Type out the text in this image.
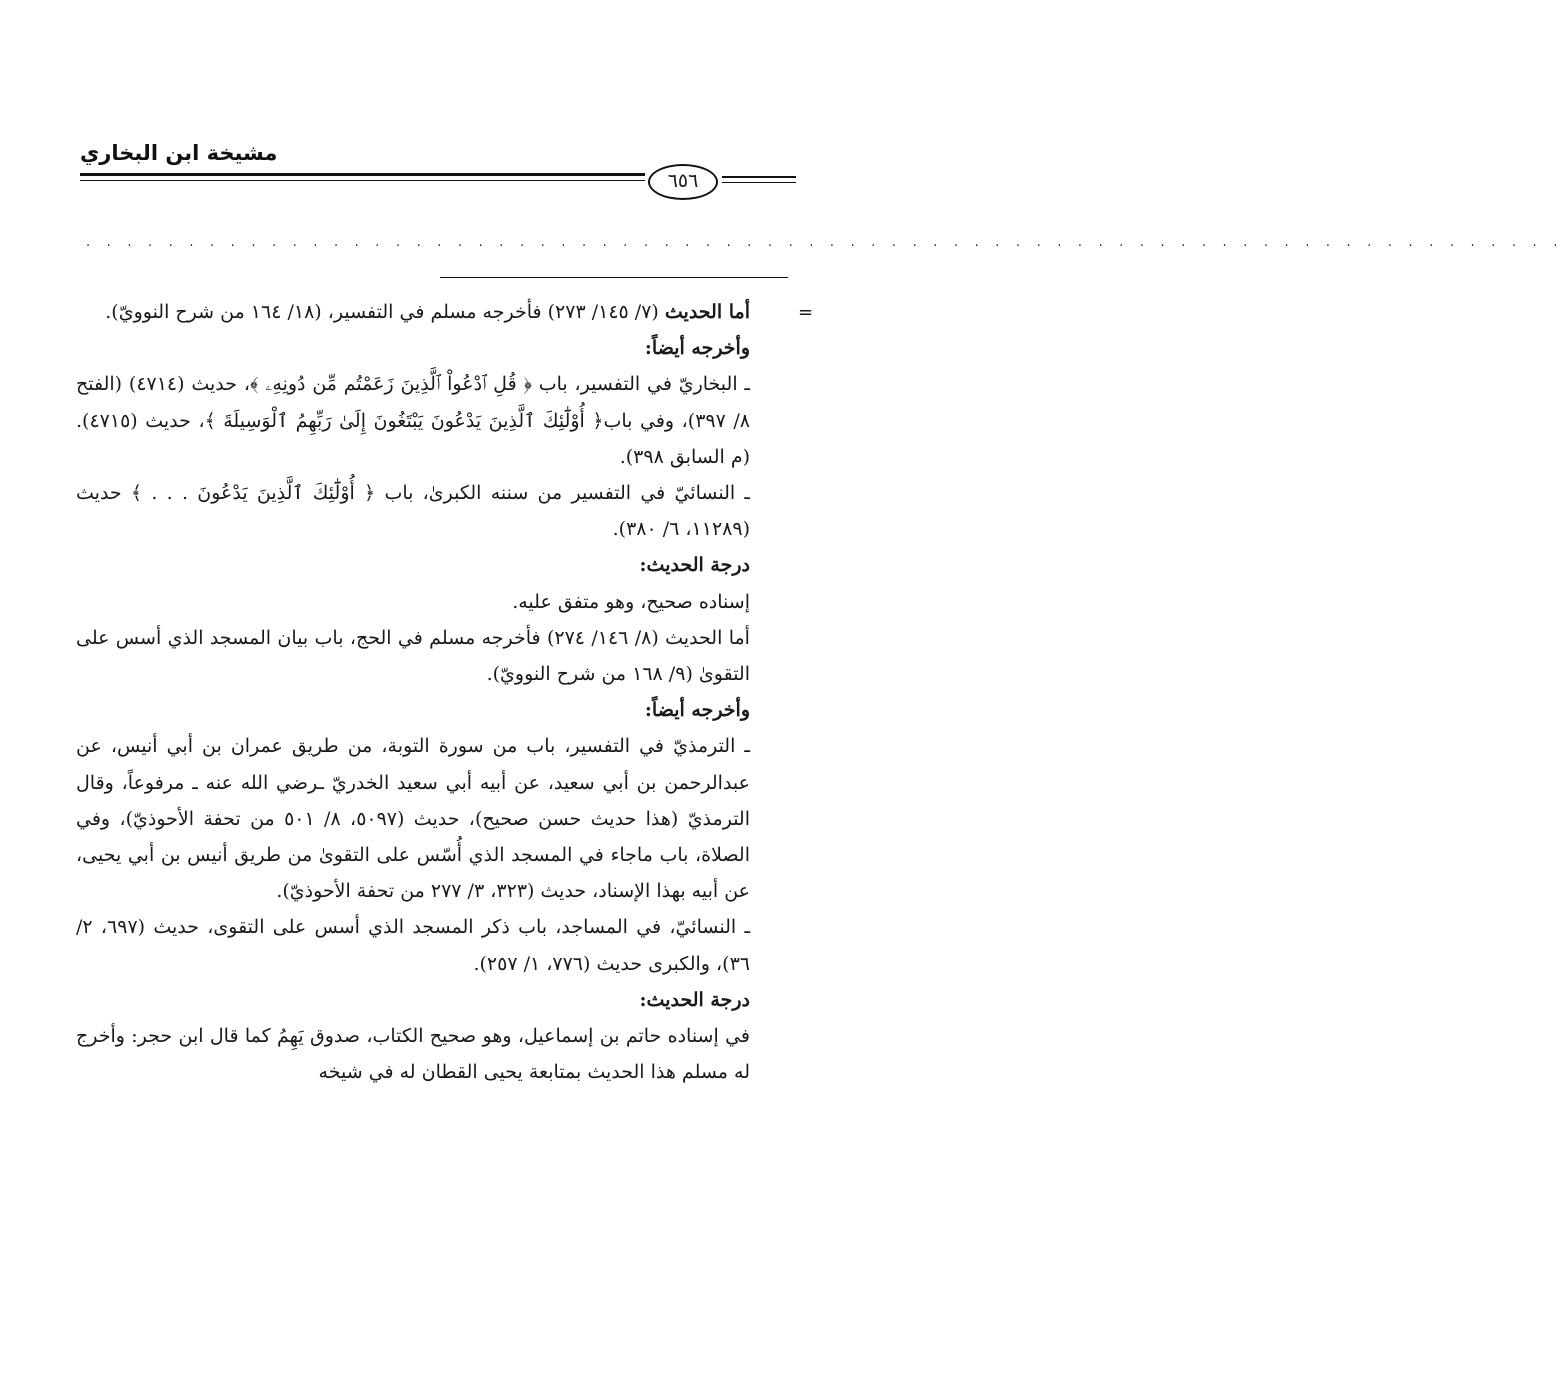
مشيخة ابن البخاري
٦٥٦
. . . . . . . . . . . . . . . . . . . . . . . . . . . . . . . . . . . . . . . . . . . . . . . . . . . . . . . . . . . . . . . . . . . . . . . .
=

أما الحديث (٧/ ١٤٥/ ٢٧٣) فأخرجه مسلم في التفسير، (١٨/ ١٦٤ من شرح النوويّ).

وأخرجه أيضاً:

ـ البخاريّ في التفسير، باب ﴿ قُلِ ٱدْعُواْ ٱلَّذِينَ زَعَمْتُم مِّن دُونِهِۦ ﴾، حديث (٤٧١٤) (الفتح ٨/ ٣٩٧)، وفي باب﴿ أُوْلَٰٓئِكَ ٱلَّذِينَ يَدْعُونَ يَبْتَغُونَ إِلَىٰ رَبِّهِمُ ٱلْوَسِيلَةَ ﴾، حديث (٤٧١٥). (م السابق ٣٩٨).

ـ النسائيّ في التفسير من سننه الكبرىٰ، باب ﴿ أُوْلَٰٓئِكَ ٱلَّذِينَ يَدْعُونَ . . . ﴾ حديث (١١٢٨٩، ٦/ ٣٨٠).

درجة الحديث:

إسناده صحيح، وهو متفق عليه.

أما الحديث (٨/ ١٤٦/ ٢٧٤) فأخرجه مسلم في الحج، باب بيان المسجد الذي أسس على التقوىٰ (٩/ ١٦٨ من شرح النوويّ).

وأخرجه أيضاً:

ـ الترمذيّ في التفسير، باب من سورة التوبة، من طريق عمران بن أبي أنيس، عن عبدالرحمن بن أبي سعيد، عن أبيه أبي سعيد الخدريّ ـرضي الله عنه ـ مرفوعاً، وقال الترمذيّ (هذا حديث حسن صحيح)، حديث (٥٠٩٧، ٨/ ٥٠١ من تحفة الأحوذيّ)، وفي الصلاة، باب ماجاء في المسجد الذي أُسّس على التقوىٰ من طريق أنيس بن أبي يحيى، عن أبيه بهذا الإسناد، حديث (٣٢٣، ٣/ ٢٧٧ من تحفة الأحوذيّ).

ـ النسائيّ، في المساجد، باب ذكر المسجد الذي أسس على التقوى، حديث (٦٩٧، ٢/ ٣٦)، والكبرى حديث (٧٧٦، ١/ ٢٥٧).

درجة الحديث:

في إسناده حاتم بن إسماعيل، وهو صحيح الكتاب، صدوق يَهِمُ كما قال ابن حجر: وأخرج له مسلم هذا الحديث بمتابعة يحيى القطان له في شيخه
